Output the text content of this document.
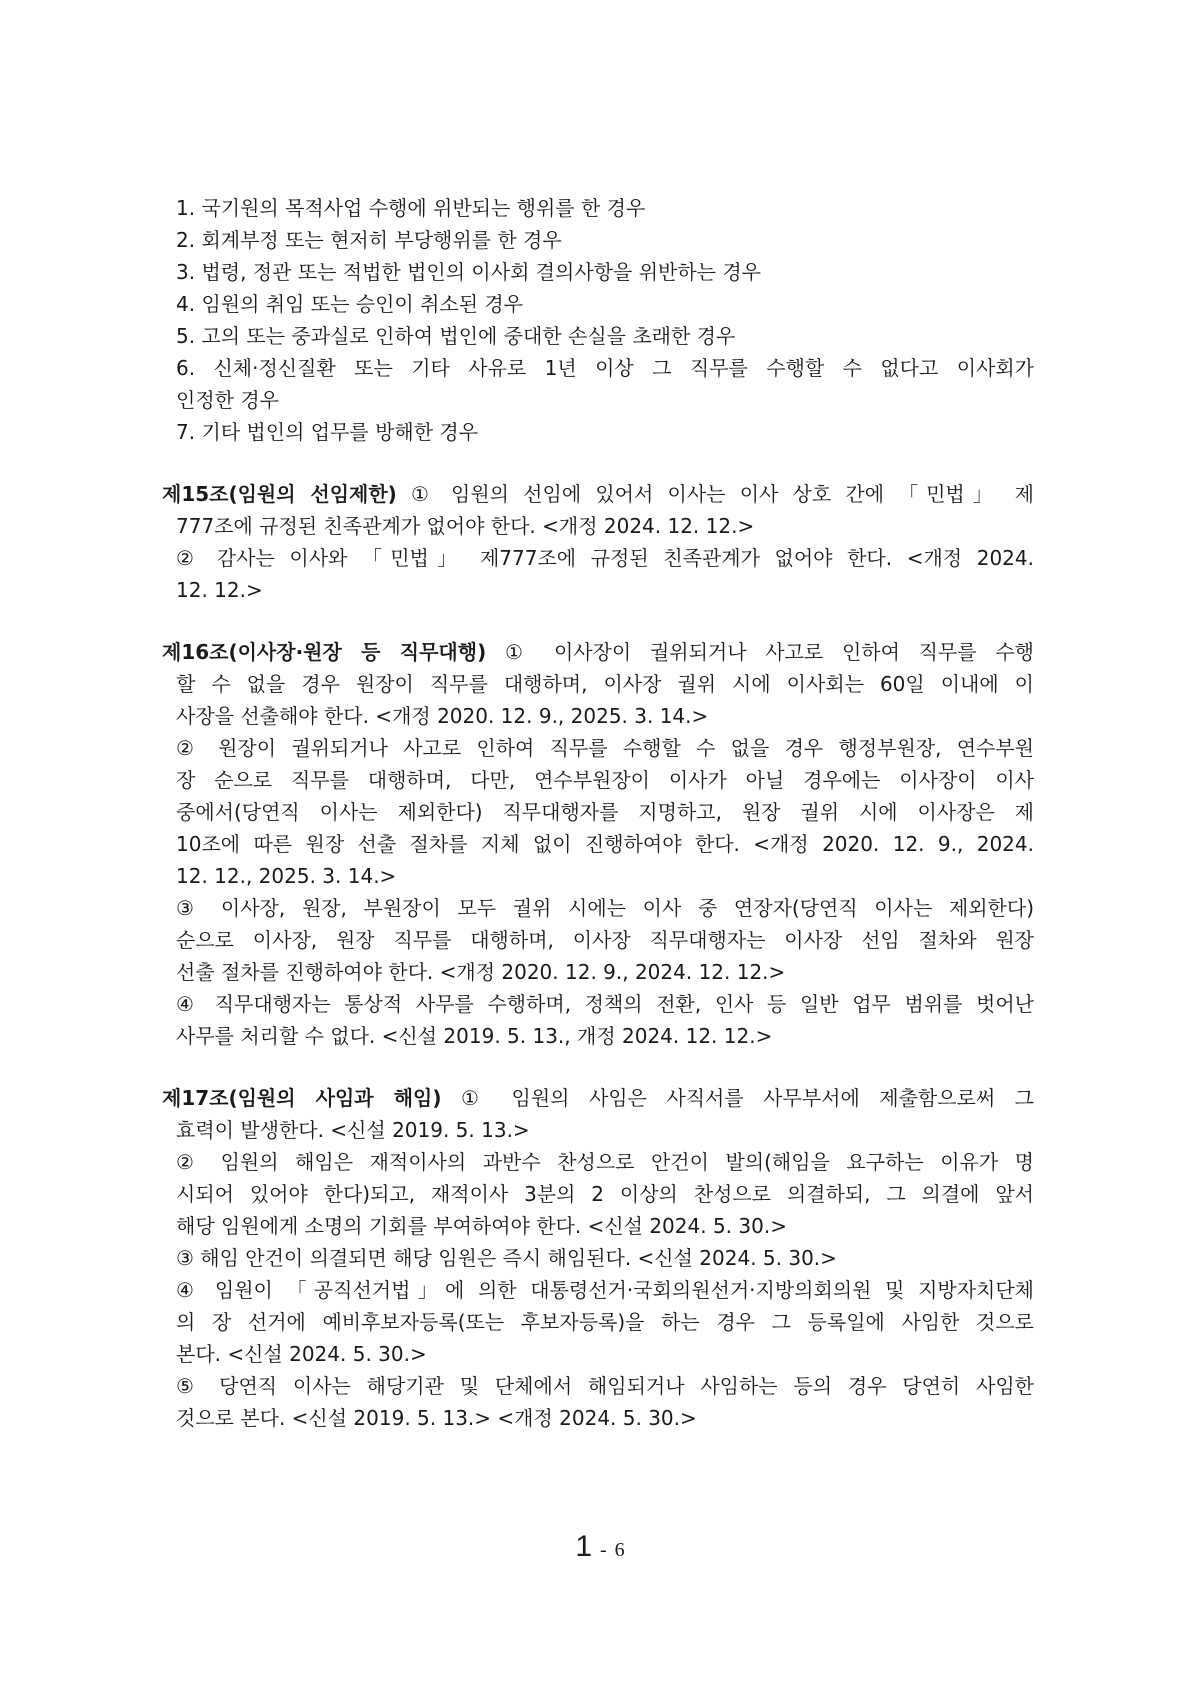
1. 국기원의 목적사업 수행에 위반되는 행위를 한 경우
2. 회계부정 또는 현저히 부당행위를 한 경우
3. 법령, 정관 또는 적법한 법인의 이사회 결의사항을 위반하는 경우
4. 임원의 취임 또는 승인이 취소된 경우
5. 고의 또는 중과실로 인하여 법인에 중대한 손실을 초래한 경우
6. 신체·정신질환 또는 기타 사유로 1년 이상 그 직무를 수행할 수 없다고 이사회가
인정한 경우
7. 기타 법인의 업무를 방해한 경우
제15조(임원의 선임제한) ① 임원의 선임에 있어서 이사는 이사 상호 간에 「민법」 제
777조에 규정된 친족관계가 없어야 한다. <개정 2024. 12. 12.>
② 감사는 이사와 「민법」 제777조에 규정된 친족관계가 없어야 한다. <개정 2024.
12. 12.>
제16조(이사장·원장 등 직무대행) ① 이사장이 궐위되거나 사고로 인하여 직무를 수행
할 수 없을 경우 원장이 직무를 대행하며, 이사장 궐위 시에 이사회는 60일 이내에 이
사장을 선출해야 한다. <개정 2020. 12. 9., 2025. 3. 14.>
② 원장이 궐위되거나 사고로 인하여 직무를 수행할 수 없을 경우 행정부원장, 연수부원
장 순으로 직무를 대행하며, 다만, 연수부원장이 이사가 아닐 경우에는 이사장이 이사
중에서(당연직 이사는 제외한다) 직무대행자를 지명하고, 원장 궐위 시에 이사장은 제
10조에 따른 원장 선출 절차를 지체 없이 진행하여야 한다. <개정 2020. 12. 9., 2024.
12. 12., 2025. 3. 14.>
③ 이사장, 원장, 부원장이 모두 궐위 시에는 이사 중 연장자(당연직 이사는 제외한다)
순으로 이사장, 원장 직무를 대행하며, 이사장 직무대행자는 이사장 선임 절차와 원장
선출 절차를 진행하여야 한다. <개정 2020. 12. 9., 2024. 12. 12.>
④ 직무대행자는 통상적 사무를 수행하며, 정책의 전환, 인사 등 일반 업무 범위를 벗어난
사무를 처리할 수 없다. <신설 2019. 5. 13., 개정 2024. 12. 12.>
제17조(임원의 사임과 해임) ① 임원의 사임은 사직서를 사무부서에 제출함으로써 그
효력이 발생한다. <신설 2019. 5. 13.>
② 임원의 해임은 재적이사의 과반수 찬성으로 안건이 발의(해임을 요구하는 이유가 명
시되어 있어야 한다)되고, 재적이사 3분의 2 이상의 찬성으로 의결하되, 그 의결에 앞서
해당 임원에게 소명의 기회를 부여하여야 한다. <신설 2024. 5. 30.>
③ 해임 안건이 의결되면 해당 임원은 즉시 해임된다. <신설 2024. 5. 30.>
④ 임원이 「공직선거법」에 의한 대통령선거·국회의원선거·지방의회의원 및 지방자치단체
의 장 선거에 예비후보자등록(또는 후보자등록)을 하는 경우 그 등록일에 사임한 것으로
본다. <신설 2024. 5. 30.>
⑤ 당연직 이사는 해당기관 및 단체에서 해임되거나 사임하는 등의 경우 당연히 사임한
것으로 본다. <신설 2019. 5. 13.> <개정 2024. 5. 30.>
1 - 6
